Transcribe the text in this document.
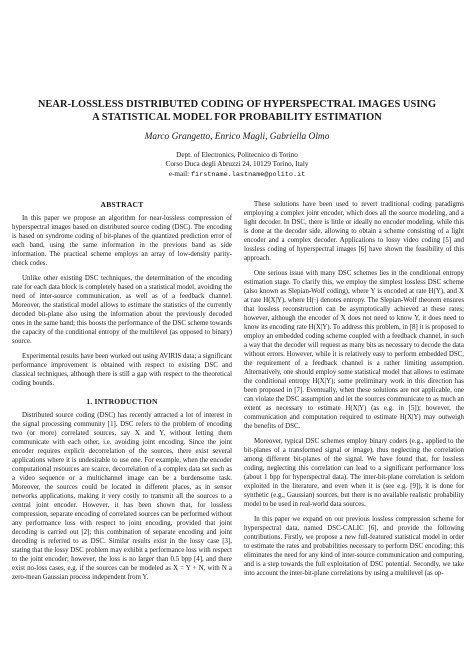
NEAR-LOSSLESS DISTRIBUTED CODING OF HYPERSPECTRAL IMAGES USING
A STATISTICAL MODEL FOR PROBABILITY ESTIMATION
Marco Grangetto, Enrico Magli, Gabriella Olmo
Dept. of Electronics, Politecnico di Torino
Corso Duca degli Abruzzi 24, 10129 Torino, Italy
e-mail: firstname.lastname@polito.it
ABSTRACT

In this paper we propose an algorithm for near-lossless compression of hyperspectral images based on distributed source coding (DSC). The encoding is based on syndrome coding of bit-planes of the quantized prediction error of each band, using the same information in the previous band as side information. The practical scheme employs an array of low-density parity-check codes.

Unlike other existing DSC techniques, the determination of the encoding rate for each data block is completely based on a statistical model, avoiding the need of inter-source communication, as well as of a feedback channel. Moreover, the statistical model allows to estimate the statistics of the currently decoded bit-plane also using the information about the previously decoded ones in the same band; this boosts the performance of the DSC scheme towards the capacity of the conditional entropy of the multilevel (as opposed to binary) source.

Experimental results have been worked out using AVIRIS data; a significant performance improvement is obtained with respect to existing DSC and classical techniques, although there is still a gap with respect to the theoretical coding bounds.

1. INTRODUCTION

Distributed source coding (DSC) has recently attracted a lot of interest in the signal processing community [1]. DSC refers to the problem of encoding two (or more) correlated sources, say X and Y, without letting them communicate with each other, i.e. avoiding joint encoding. Since the joint encoder requires explicit decorrelation of the sources, there exist several applications where it is undesirable to use one. For example, when the encoder computational resources are scarce, decorrelation of a complex data set such as a video sequence or a multichannel image can be a burdensome task. Moreover, the sources could be located in different places, as in sensor networks applications, making it very costly to transmit all the sources to a central joint encoder. However, it has been shown that, for lossless compression, separate encoding of correlated sources can be performed without any performance loss with respect to joint encoding, provided that joint decoding is carried out [2]; this combination of separate encoding and joint decoding is referred to as DSC. Similar results exist in the lossy case [3], stating that the lossy DSC problem may exhibit a performance loss with respect to the joint encoder; however, the loss is no larger than 0.5 bpp [4], and there exist no-loss cases, e.g. if the sources can be modeled as X = Y + N, with N a zero-mean Gaussian process independent from Y.

These solutions have been used to revert traditional coding paradigms employing a complex joint encoder, which does all the source modeling, and a light decoder. In DSC, there is little or ideally no encoder modeling, while this is done at the decoder side, allowing to obtain a scheme consisting of a light encoder and a complex decoder. Applications to lossy video coding [5] and lossless coding of hyperspectral images [6] have shown the feasibility of this approach.

One serious issue with many DSC schemes lies in the conditional entropy estimation stage. To clarify this, we employ the simplest lossless DSC scheme (also known as Slepian-Wolf coding), where Y is encoded at rate H(Y), and X at rate H(X|Y), where H(·) denotes entropy. The Slepian-Wolf theorem ensures that lossless reconstruction can be asymptotically achieved at these rates; however, although the encoder of X does not need to know Y, it does need to know its encoding rate H(X|Y). To address this problem, in [8] it is proposed to employ an embedded coding scheme coupled with a feedback channel, in such a way that the decoder will request as many bits as necessary to decode the data without errors. However, while it is relatively easy to perform embedded DSC, the requirement of a feedback channel is a rather limiting assumption. Alternatively, one should employ some statistical model that allows to estimate the conditional entropy H(X|Y); some preliminary work in this direction has been proposed in [7]. Eventually, when these solutions are not applicable, one can violate the DSC assumption and let the sources communicate to as much an extent as necessary to estimate H(X|Y) (as e.g. in [5]); however, the communication and computation required to estimate H(X|Y) may outweigh the benefits of DSC.

Moreover, typical DSC schemes employ binary coders (e.g., applied to the bit-planes of a transformed signal or image), thus neglecting the correlation among different bit-planes of the signal. We have found that, for lossless coding, neglecting this correlation can lead to a significant performance loss (about 1 bpp for hyperspectral data). The inter-bit-plane correlation is seldom exploited in the literature, and even when it is (see e.g. [9]), it is done for synthetic (e.g., Gaussian) sources, but there is no available realistic probability model to be used in real-world data sources.

In this paper we expand on our previous lossless compression scheme for hyperspectral data, named DSC-CALIC [6], and provide the following contributions. Firstly, we propose a new full-featured statistical model in order to estimate the rates and probabilities necessary to perform DSC encoding; this eliminates the need for any kind of inter-source communication and computing, and is a step towards the full exploitation of DSC potential. Secondly, we take into account the inter-bit-plane correlations by using a multilevel (as op-
